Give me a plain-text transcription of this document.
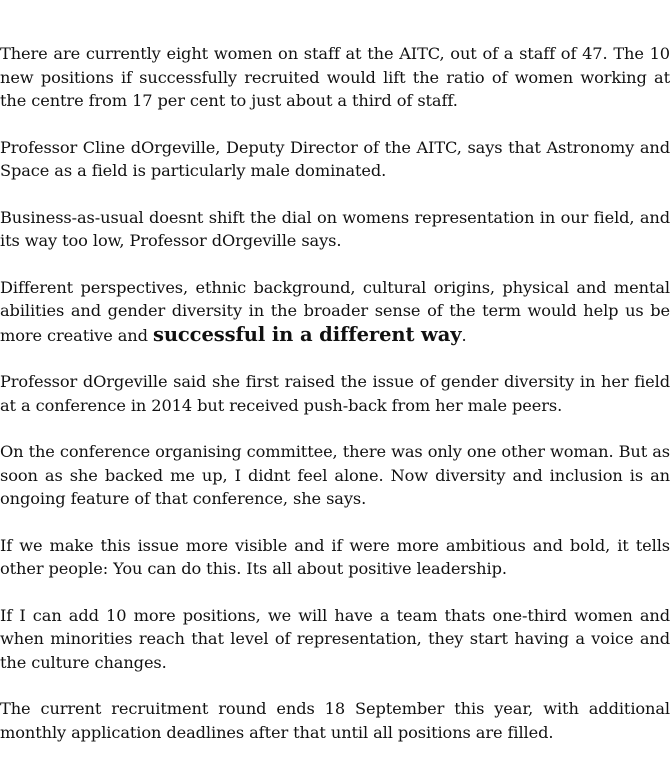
There are currently eight women on staff at the AITC, out of a staff of 47. The 10 new positions if successfully recruited would lift the ratio of women working at the centre from 17 per cent to just about a third of staff.

Professor Cline dOrgeville, Deputy Director of the AITC, says that Astronomy and Space as a field is particularly male dominated.

Business-as-usual doesnt shift the dial on womens representation in our field, and its way too low, Professor dOrgeville says.

Different perspectives, ethnic background, cultural origins, physical and mental abilities and gender diversity in the broader sense of the term would help us be more creative and successful in a different way.

Professor dOrgeville said she first raised the issue of gender diversity in her field at a conference in 2014 but received push-back from her male peers.

On the conference organising committee, there was only one other woman. But as soon as she backed me up, I didnt feel alone. Now diversity and inclusion is an ongoing feature of that conference, she says.

If we make this issue more visible and if were more ambitious and bold, it tells other people: You can do this. Its all about positive leadership.

If I can add 10 more positions, we will have a team thats one-third women and when minorities reach that level of representation, they start having a voice and the culture changes.

The current recruitment round ends 18 September this year, with additional monthly application deadlines after that until all positions are filled.
